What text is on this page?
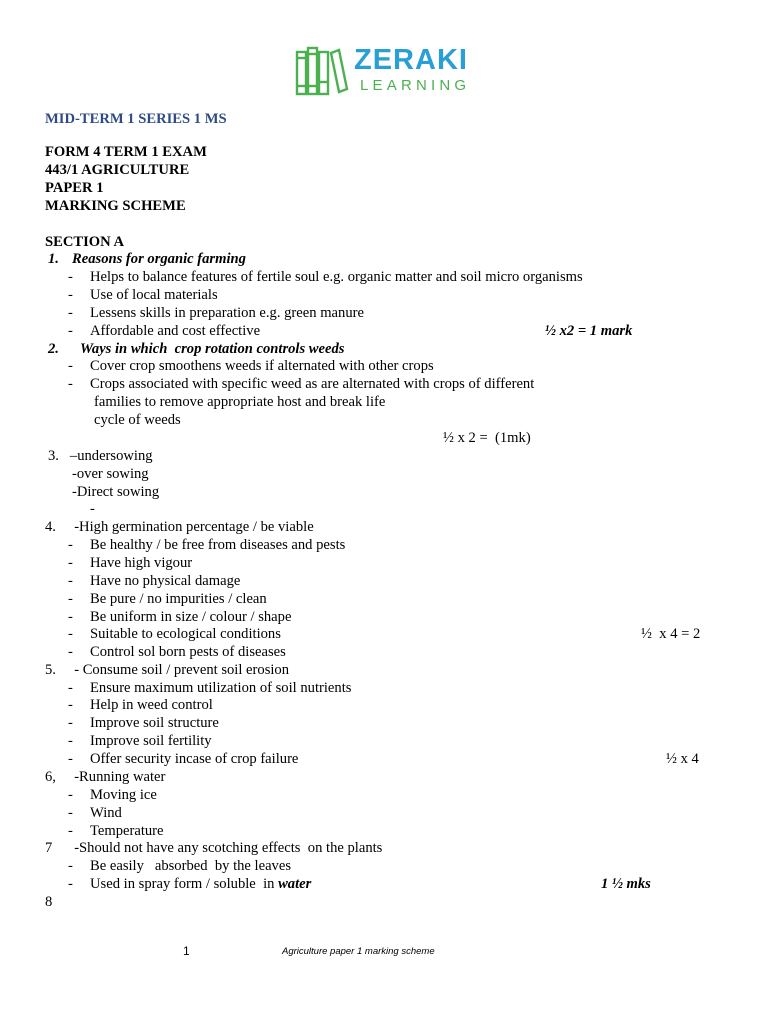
ZERAKI
LEARNING
MID-TERM 1 SERIES 1 MS
FORM 4 TERM 1 EXAM
443/1 AGRICULTURE
PAPER 1
MARKING SCHEME
SECTION A
1. Reasons for organic farming
- Helps to balance features of fertile soul e.g. organic matter and soil micro organisms
- Use of local materials
- Lessens skills in preparation e.g. green manure
- Affordable and cost effective	½ x2 = 1 mark
2. Ways in which  crop rotation controls weeds
- Cover crop smoothens weeds if alternated with other crops
- Crops associated with specific weed as are alternated with crops of different
families to remove appropriate host and break life
cycle of weeds
½ x 2 =  (1mk)
3.   –undersowing
-over sowing
-Direct sowing
-
4.     -High germination percentage / be viable
- Be healthy / be free from diseases and pests
- Have high vigour
- Have no physical damage
- Be pure / no impurities / clean
- Be uniform in size / colour / shape
- Suitable to ecological conditions	½  x 4 = 2
- Control sol born pests of diseases
5.     - Consume soil / prevent soil erosion
- Ensure maximum utilization of soil nutrients
- Help in weed control
- Improve soil structure
- Improve soil fertility
- Offer security incase of crop failure	½ x 4
6,     -Running water
- Moving ice
- Wind
- Temperature
7      -Should not have any scotching effects  on the plants
- Be easily   absorbed  by the leaves
- Used in spray form / soluble  in water	1 ½ mks
8
1	Agriculture paper 1 marking scheme
